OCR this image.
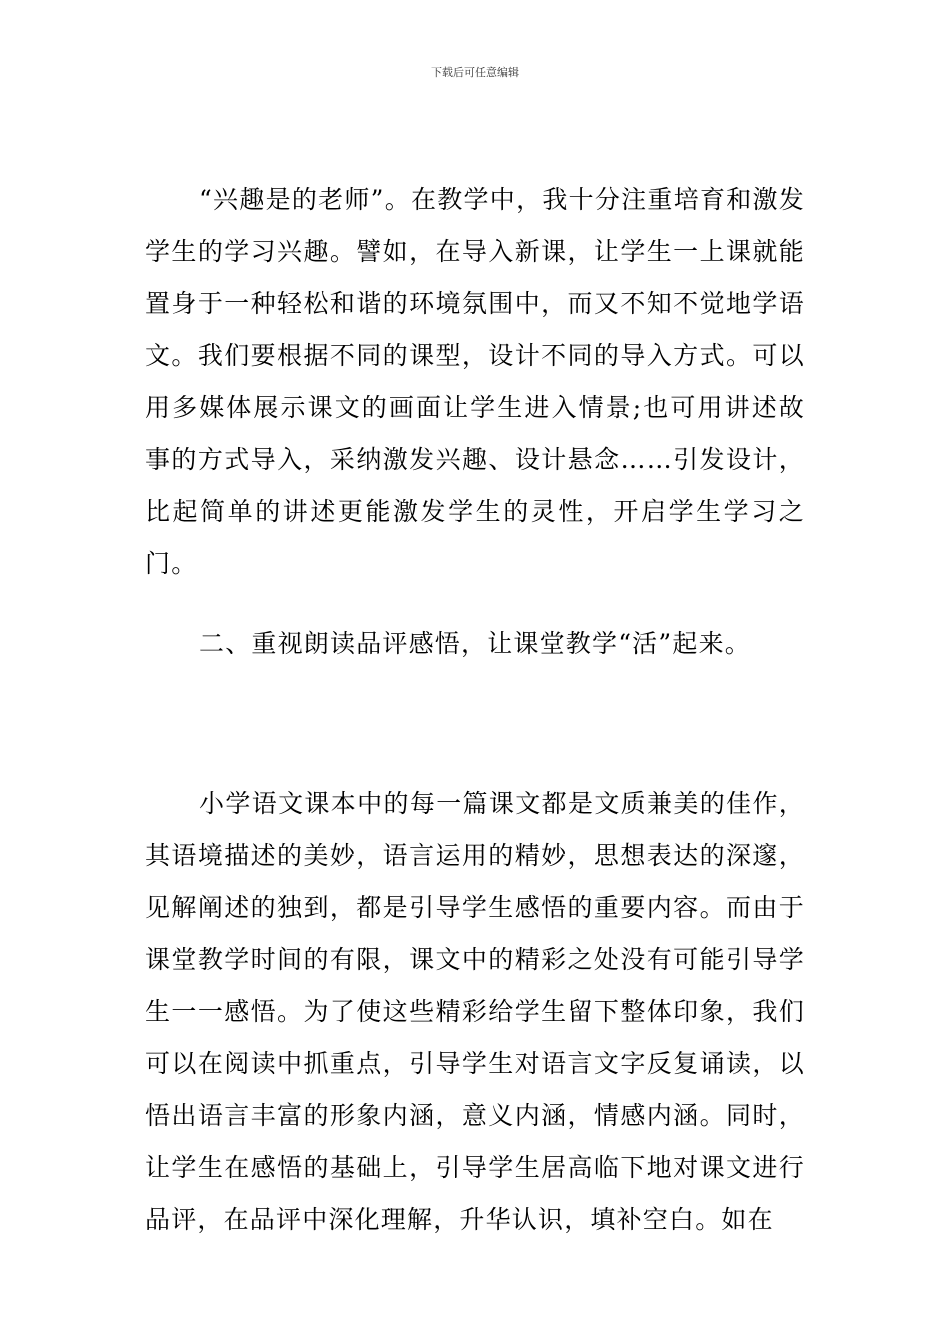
下载后可任意编辑

“兴趣是的老师”。在教学中，我十分注重培育和激发学生的学习兴趣。譬如，在导入新课，让学生一上课就能置身于一种轻松和谐的环境氛围中，而又不知不觉地学语文。我们要根据不同的课型，设计不同的导入方式。可以用多媒体展示课文的画面让学生进入情景;也可用讲述故事的方式导入，采纳激发兴趣、设计悬念……引发设计，比起简单的讲述更能激发学生的灵性，开启学生学习之门。

二、重视朗读品评感悟，让课堂教学“活”起来。

小学语文课本中的每一篇课文都是文质兼美的佳作，其语境描述的美妙，语言运用的精妙，思想表达的深邃，见解阐述的独到，都是引导学生感悟的重要内容。而由于课堂教学时间的有限，课文中的精彩之处没有可能引导学生一一感悟。为了使这些精彩给学生留下整体印象，我们可以在阅读中抓重点，引导学生对语言文字反复诵读，以悟出语言丰富的形象内涵，意义内涵，情感内涵。同时，让学生在感悟的基础上，引导学生居高临下地对课文进行品评，在品评中深化理解，升华认识，填补空白。如在
